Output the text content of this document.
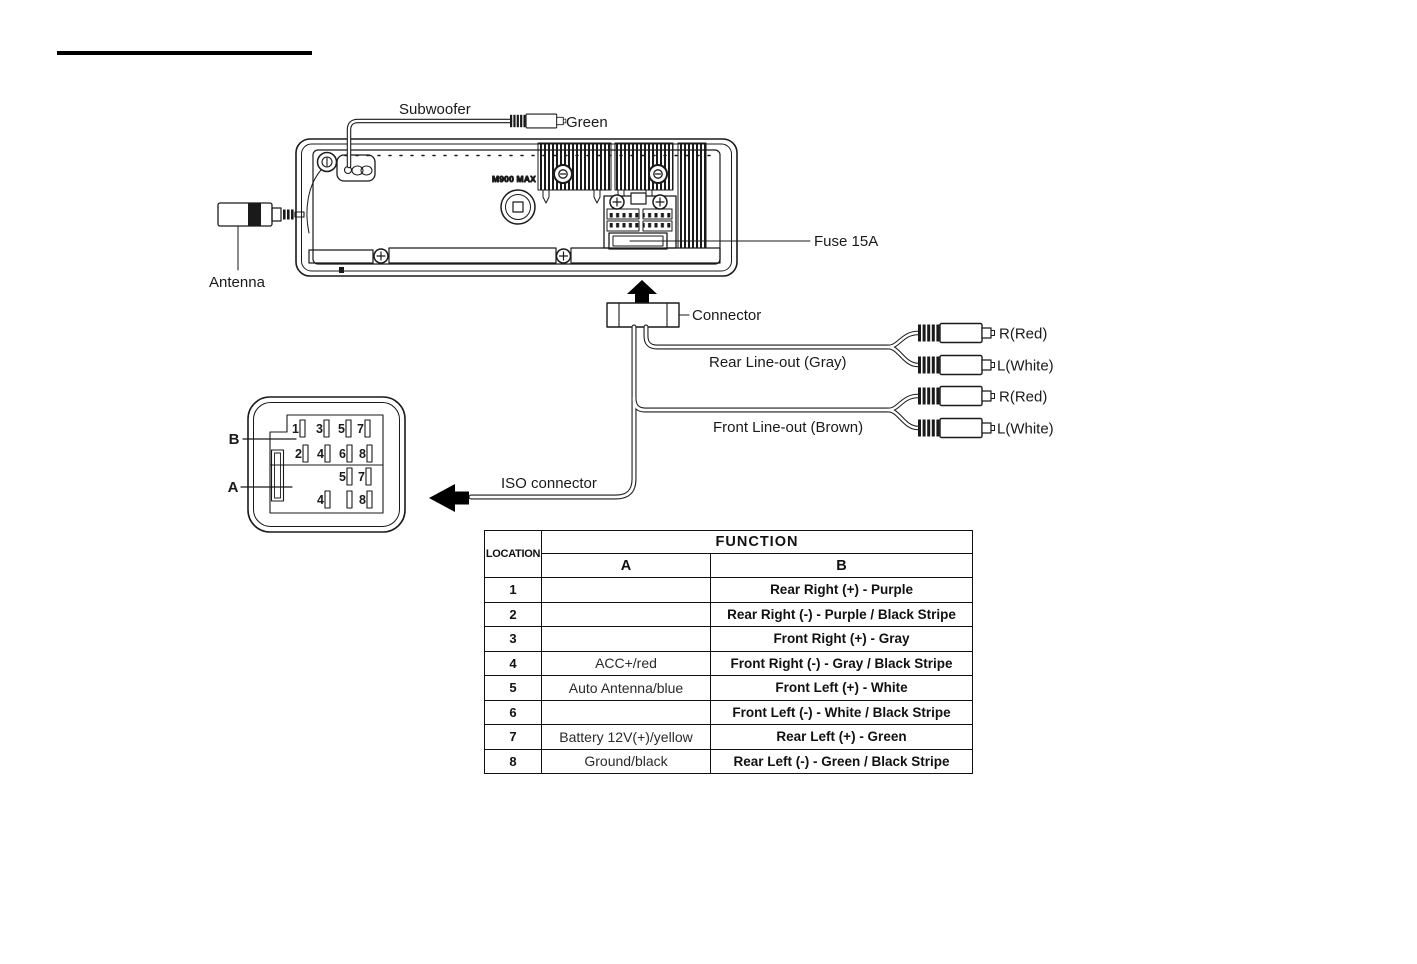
M900 MAX
Antenna
Subwoofer
Green
Fuse 15A
Connector
R(Red)
L(White)
R(Red)
L(White)
Rear Line-out (Gray)
Front Line-out (Brown)
ISO connector
B
A
1 3 5 7
2 4 6 8
5 7
4	8
LOCATION	FUNCTION	
	A	B
1		Rear Right (+) - Purple
2		Rear Right (-) - Purple / Black Stripe
3		Front Right (+) - Gray
4	ACC+/red	Front Right (-) - Gray / Black Stripe
5	Auto Antenna/blue	Front Left (+) - White
6		Front Left (-) - White / Black Stripe
7	Battery 12V(+)/yellow	Rear Left (+) - Green
8	Ground/black	Rear Left (-) - Green / Black Stripe
